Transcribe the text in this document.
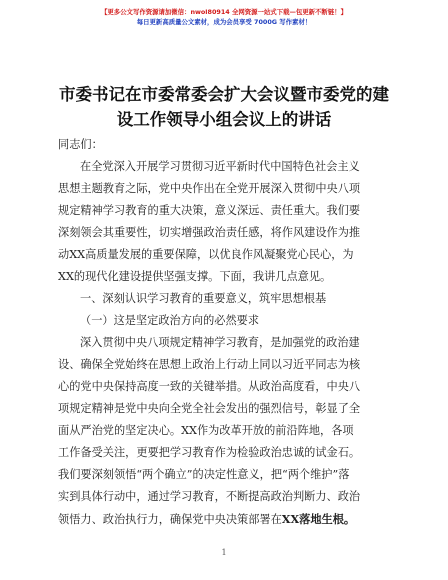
【更多公文写作资源请加微信：nwol80914 全网资源一站式下载—包更新不断链！】
每日更新高质量公文素材，成为会员享受 7000G 写作素材！
市委书记在市委常委会扩大会议暨市委党的建
设工作领导小组会议上的讲话
同志们：
在全党深入开展学习贯彻习近平新时代中国特色社会主义
思想主题教育之际，党中央作出在全党开展深入贯彻中央八项
规定精神学习教育的重大决策，意义深远、责任重大。我们要
深刻领会其重要性，切实增强政治责任感，将作风建设作为推
动XX高质量发展的重要保障，以优良作风凝聚党心民心，为
XX的现代化建设提供坚强支撑。下面，我讲几点意见。
一、深刻认识学习教育的重要意义，筑牢思想根基
（一）这是坚定政治方向的必然要求
深入贯彻中央八项规定精神学习教育，是加强党的政治建
设、确保全党始终在思想上政治上行动上同以习近平同志为核
心的党中央保持高度一致的关键举措。从政治高度看，中央八
项规定精神是党中央向全党全社会发出的强烈信号，彰显了全
面从严治党的坚定决心。XX作为改革开放的前沿阵地，各项
工作备受关注，更要把学习教育作为检验政治忠诚的试金石。
我们要深刻领悟“两个确立”的决定性意义，把“两个维护”落
实到具体行动中，通过学习教育，不断提高政治判断力、政治
领悟力、政治执行力，确保党中央决策部署在XX落地生根。
1
